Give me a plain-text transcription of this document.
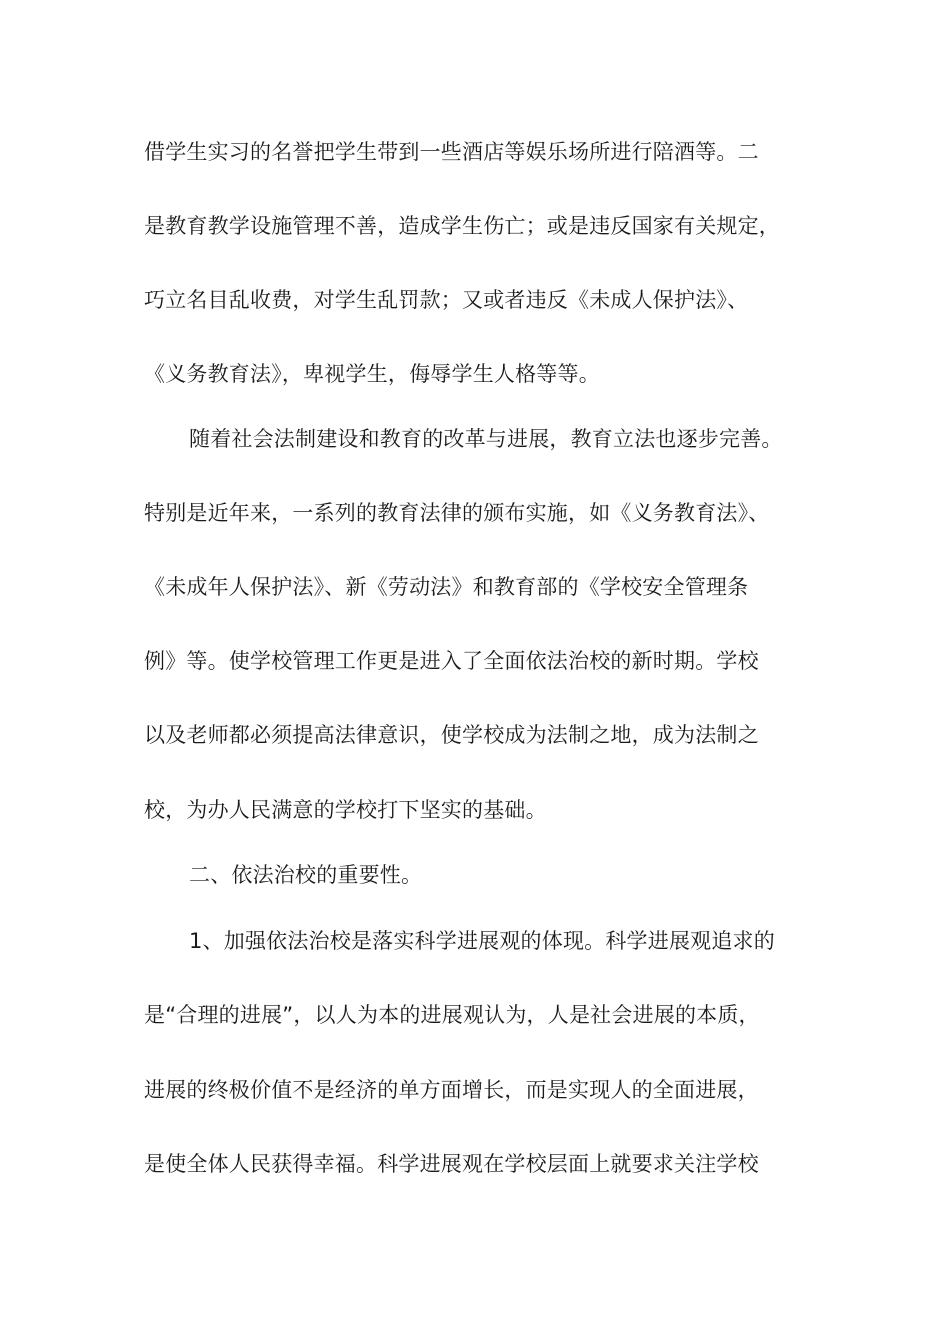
借学生实习的名誉把学生带到一些酒店等娱乐场所进行陪酒等。二
是教育教学设施管理不善，造成学生伤亡；或是违反国家有关规定，
巧立名目乱收费，对学生乱罚款；又或者违反《未成人保护法》、
《义务教育法》，卑视学生，侮辱学生人格等等。
随着社会法制建设和教育的改革与进展，教育立法也逐步完善。
特别是近年来，一系列的教育法律的颁布实施，如《义务教育法》、
《未成年人保护法》、新《劳动法》和教育部的《学校安全管理条
例》等。使学校管理工作更是进入了全面依法治校的新时期。学校
以及老师都必须提高法律意识，使学校成为法制之地，成为法制之
校，为办人民满意的学校打下坚实的基础。
二、依法治校的重要性。
1、加强依法治校是落实科学进展观的体现。科学进展观追求的
是“合理的进展”，以人为本的进展观认为，人是社会进展的本质，
进展的终极价值不是经济的单方面增长，而是实现人的全面进展，
是使全体人民获得幸福。科学进展观在学校层面上就要求关注学校
